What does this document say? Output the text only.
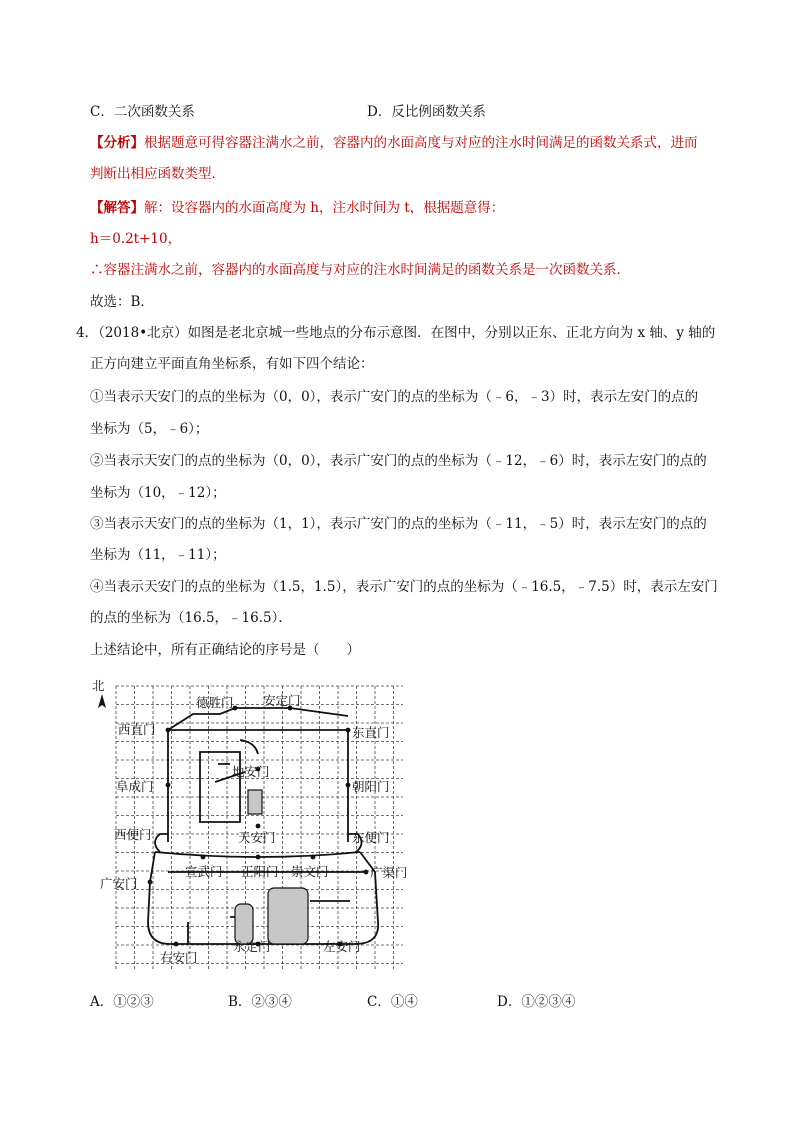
C．二次函数关系	D．反比例函数关系
【分析】根据题意可得容器注满水之前，容器内的水面高度与对应的注水时间满足的函数关系式，进而
判断出相应函数类型．
【解答】解：设容器内的水面高度为 h，注水时间为 t，根据题意得：
h＝0.2t+10，
∴容器注满水之前，容器内的水面高度与对应的注水时间满足的函数关系是一次函数关系．
故选：B．
4．（2018•北京）如图是老北京城一些地点的分布示意图．在图中，分别以正东、正北方向为 x 轴、y 轴的
正方向建立平面直角坐标系，有如下四个结论：
①当表示天安门的点的坐标为（0，0），表示广安门的点的坐标为（﹣6，﹣3）时，表示左安门的点的
坐标为（5，﹣6）；
②当表示天安门的点的坐标为（0，0），表示广安门的点的坐标为（﹣12，﹣6）时，表示左安门的点的
坐标为（10，﹣12）；
③当表示天安门的点的坐标为（1，1），表示广安门的点的坐标为（﹣11，﹣5）时，表示左安门的点的
坐标为（11，﹣11）；
④当表示天安门的点的坐标为（1.5，1.5），表示广安门的点的坐标为（﹣16.5，﹣7.5）时，表示左安门
的点的坐标为（16.5，﹣16.5）．
上述结论中，所有正确结论的序号是（　　）
北
德胜门 安定门
西直门	东直门
地安门
阜成门	朝阳门
西便门	天安门	东便门
宣武门 正阳门 崇文门	广渠门
广安门
右安门
永定门	左安门
A．①②③	B．②③④	C．①④	D．①②③④
